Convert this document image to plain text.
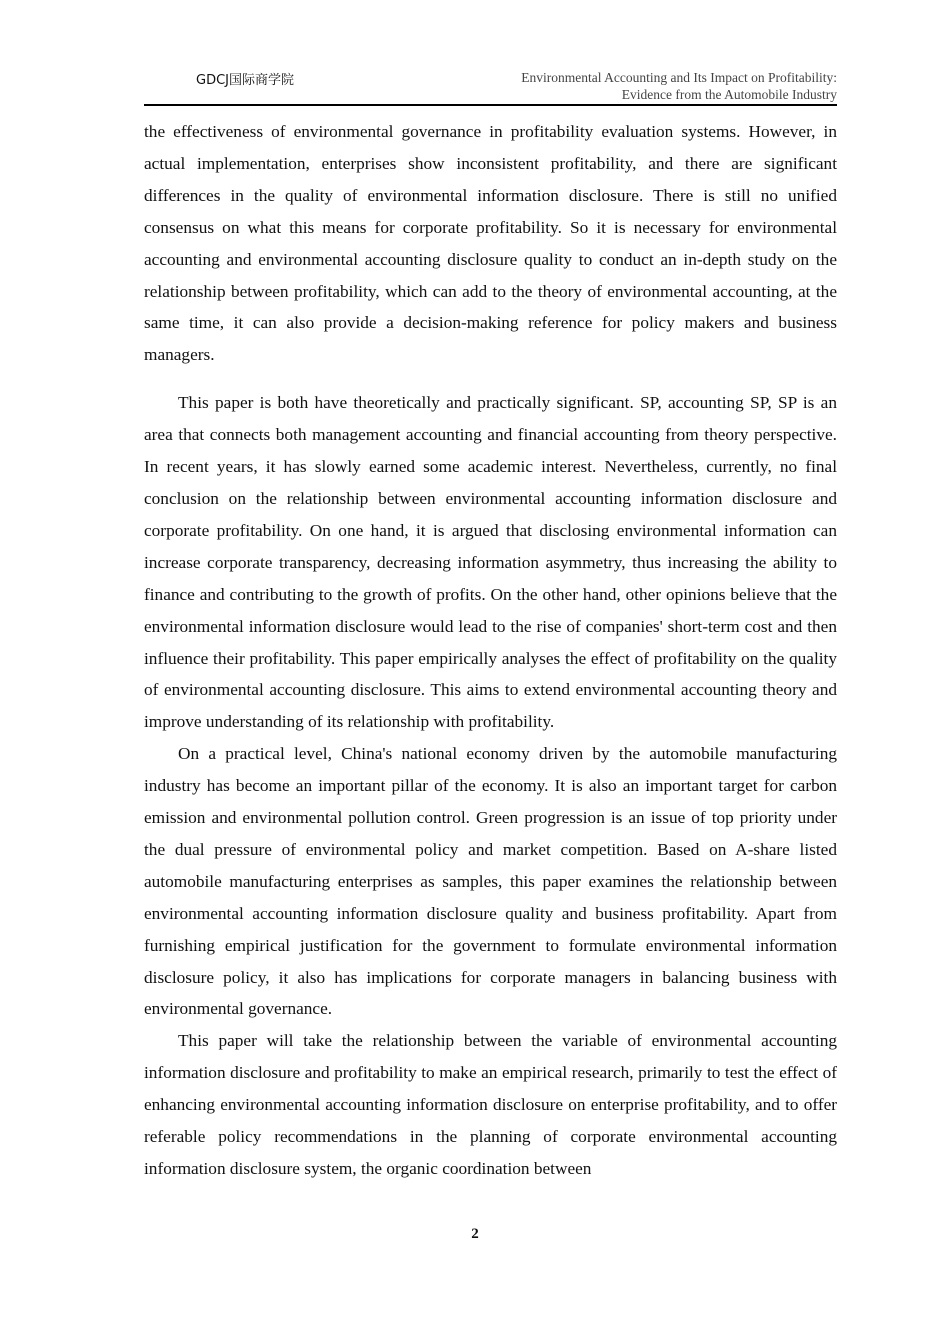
GDCJ国际商学院	Environmental Accounting and Its Impact on Profitability:
Evidence from the Automobile Industry

the effectiveness of environmental governance in profitability evaluation systems. However, in actual implementation, enterprises show inconsistent profitability, and there are significant differences in the quality of environmental information disclosure. There is still no unified consensus on what this means for corporate profitability. So it is necessary for environmental accounting and environmental accounting disclosure quality to conduct an in-depth study on the relationship between profitability, which can add to the theory of environmental accounting, at the same time, it can also provide a decision-making reference for policy makers and business managers.

This paper is both have theoretically and practically significant. SP, accounting SP, SP is an area that connects both management accounting and financial accounting from theory perspective. In recent years, it has slowly earned some academic interest. Nevertheless, currently, no final conclusion on the relationship between environmental accounting information disclosure and corporate profitability. On one hand, it is argued that disclosing environmental information can increase corporate transparency, decreasing information asymmetry, thus increasing the ability to finance and contributing to the growth of profits. On the other hand, other opinions believe that the environmental information disclosure would lead to the rise of companies' short-term cost and then influence their profitability. This paper empirically analyses the effect of profitability on the quality of environmental accounting disclosure. This aims to extend environmental accounting theory and improve understanding of its relationship with profitability.

On a practical level, China's national economy driven by the automobile manufacturing industry has become an important pillar of the economy. It is also an important target for carbon emission and environmental pollution control. Green progression is an issue of top priority under the dual pressure of environmental policy and market competition. Based on A-share listed automobile manufacturing enterprises as samples, this paper examines the relationship between environmental accounting information disclosure quality and business profitability. Apart from furnishing empirical justification for the government to formulate environmental information disclosure policy, it also has implications for corporate managers in balancing business with environmental governance.

This paper will take the relationship between the variable of environmental accounting information disclosure and profitability to make an empirical research, primarily to test the effect of enhancing environmental accounting information disclosure on enterprise profitability, and to offer referable policy recommendations in the planning of corporate environmental accounting information disclosure system, the organic coordination between

2
